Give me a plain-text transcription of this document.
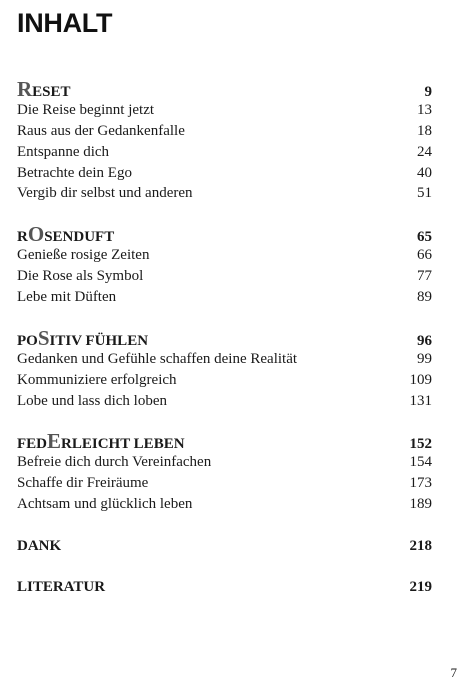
INHALT
RESET	9
Die Reise beginnt jetzt	13
Raus aus der Gedankenfalle	18
Entspanne dich	24
Betrachte dein Ego	40
Vergib dir selbst und anderen	51
ROSENDUFT	65
Genieße rosige Zeiten	66
Die Rose als Symbol	77
Lebe mit Düften	89
POSITIV FÜHLEN	96
Gedanken und Gefühle schaffen deine Realität	99
Kommuniziere erfolgreich	109
Lobe und lass dich loben	131
FEDERLEICHT LEBEN	152
Befreie dich durch Vereinfachen	154
Schaffe dir Freiräume	173
Achtsam und glücklich leben	189
DANK	218
LITERATUR	219
7
